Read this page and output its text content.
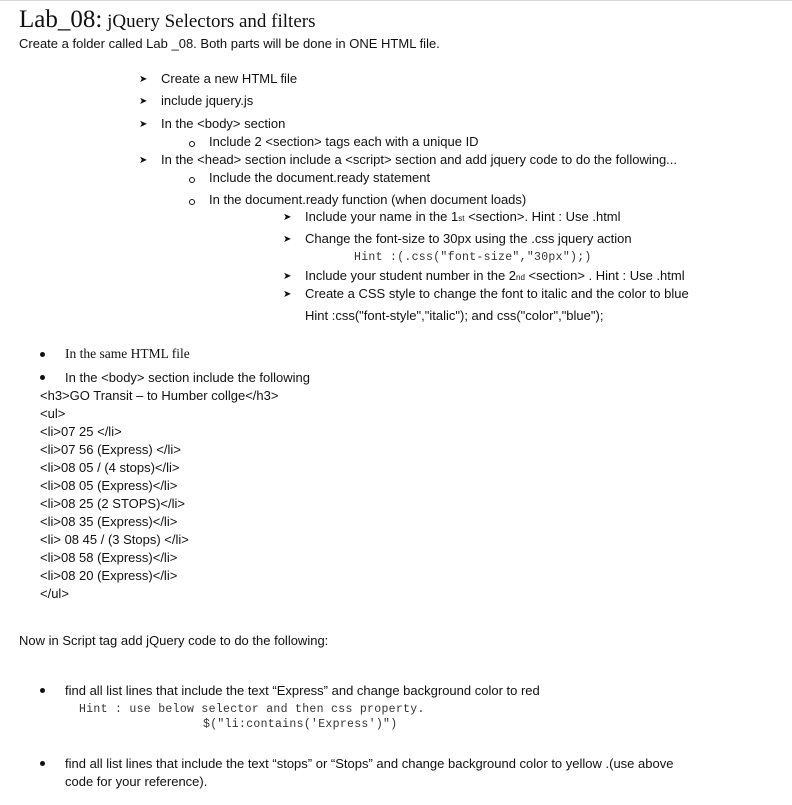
Lab_08: jQuery Selectors and filters
Create a folder called Lab _08. Both parts will be done in ONE HTML file.
➤ Create a new HTML file
➤ include jquery.js
➤ In the <body> section
Include 2 <section> tags each with a unique ID
➤ In the <head> section include a <script> section and add jquery code to do the following...
Include the document.ready statement
In the document.ready function (when document loads)
➤ Include your name in the 1st <section>. Hint : Use .html
➤ Change the font-size to 30px using the .css jquery action
Hint :(.css("font-size","30px");)
➤ Include your student number in the 2nd <section> . Hint : Use .html
➤ Create a CSS style to change the font to italic and the color to blue
Hint :css("font-style","italic"); and css("color","blue");
In the same HTML file
In the <body> section include the following
<h3>GO Transit – to Humber collge</h3>
<ul>
<li>07 25 </li>
<li>07 56 (Express) </li>
<li>08 05 / (4 stops)</li>
<li>08 05 (Express)</li>
<li>08 25 (2 STOPS)</li>
<li>08 35 (Express)</li>
<li> 08 45 / (3 Stops) </li>
<li>08 58 (Express)</li>
<li>08 20 (Express)</li>
</ul>
Now in Script tag add jQuery code to do the following:
find all list lines that include the text “Express” and change background color to red
Hint : use below selector and then css property.
$("li:contains('Express')")
find all list lines that include the text “stops” or “Stops” and change background color to yellow .(use above
code for your reference).
